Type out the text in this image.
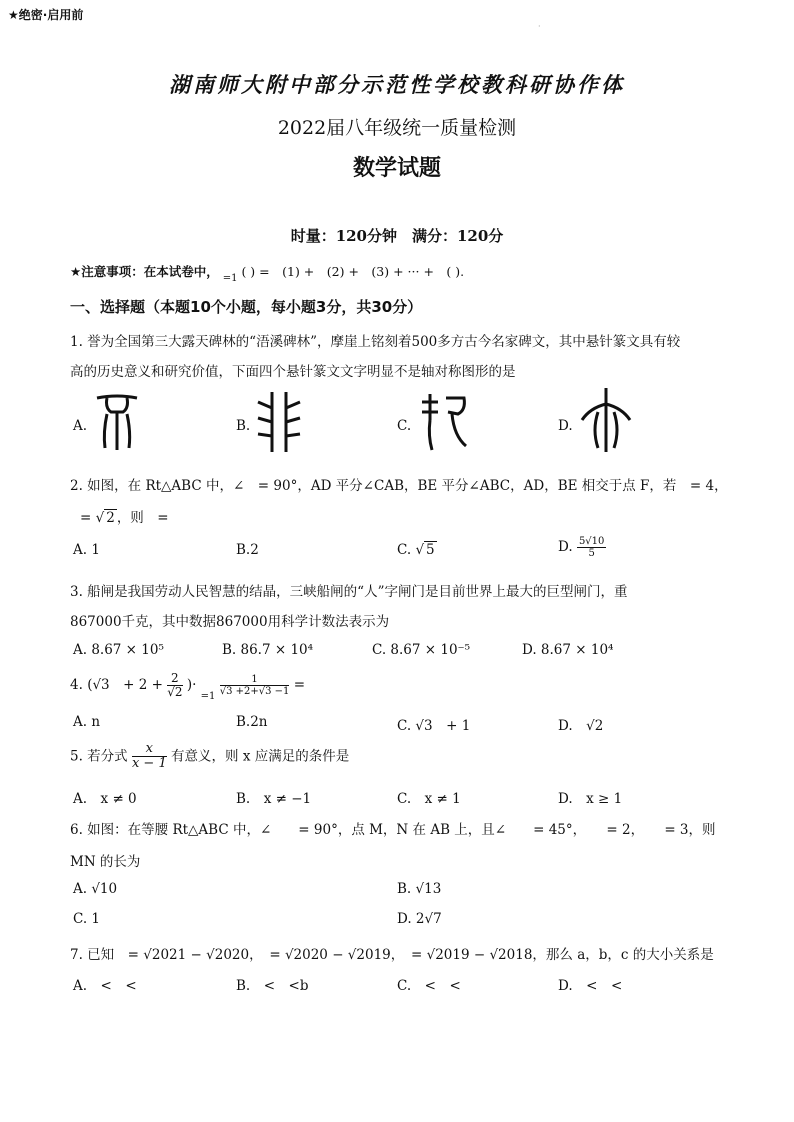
★绝密·启用前
·
湖南师大附中部分示范性学校教科研协作体
2022届八年级统一质量检测
数学试题
时量：120分钟　满分：120分
★注意事项：在本试卷中， $_{=1}$ ( ) =　(1) +　(2) +　(3) + ··· +　( ).
一、选择题（本题10个小题，每小题3分，共30分）
1. 誉为全国第三大露天碑林的“浯溪碑林”，摩崖上铭刻着500多方古今名家碑文，其中悬针篆文具有较
高的历史意义和研究价值，下面四个悬针篆文文字明显不是轴对称图形的是
A.	B.	C.	D.
2. 如图，在 Rt△ABC 中，∠　= 90°，AD 平分∠CAB，BE 平分∠ABC，AD，BE 相交于点 F，若　= 4，
= √ 2 ，则　=
A. 1	B.2	C. √ 5	D. $\frac{5√10}{5}$
3. 船闸是我国劳动人民智慧的结晶，三峡船闸的“人”字闸门是目前世界上最大的巨型闸门，重
867000千克，其中数据867000用科学计数法表示为
A. 8.67 × 10⁵	B. 86.7 × 10⁴	C. 8.67 × 10⁻⁵	D. 8.67 × 10⁴
4. (√3　+ $2 + \frac{2}{√2}$ )· $_{=1} \frac{1}{√3 +2+√3 -1}$ =
A. n	B.2n	C. √3　+ 1	D.　√2
5. 若分式 $\frac{x}{x - 1}$ 有意义，则 x 应满足的条件是
A.　x ≠ 0	B.　x ≠ −1	C.　x ≠ 1	D.　x ≥ 1
6. 如图：在等腰 Rt△ABC 中，∠　　= 90°，点 M，N 在 AB 上，且∠　　= 45°，　　= 2，　　= 3，则
MN 的长为
A. √10	B. √13
C. 1	D. 2√7
7. 已知　= √2021 − √2020，　= √2020 − √2019，　= √2019 − √2018，那么 a，b，c 的大小关系是
A.　<　<	B.　<　<b	C.　<　<	D.　<　<
